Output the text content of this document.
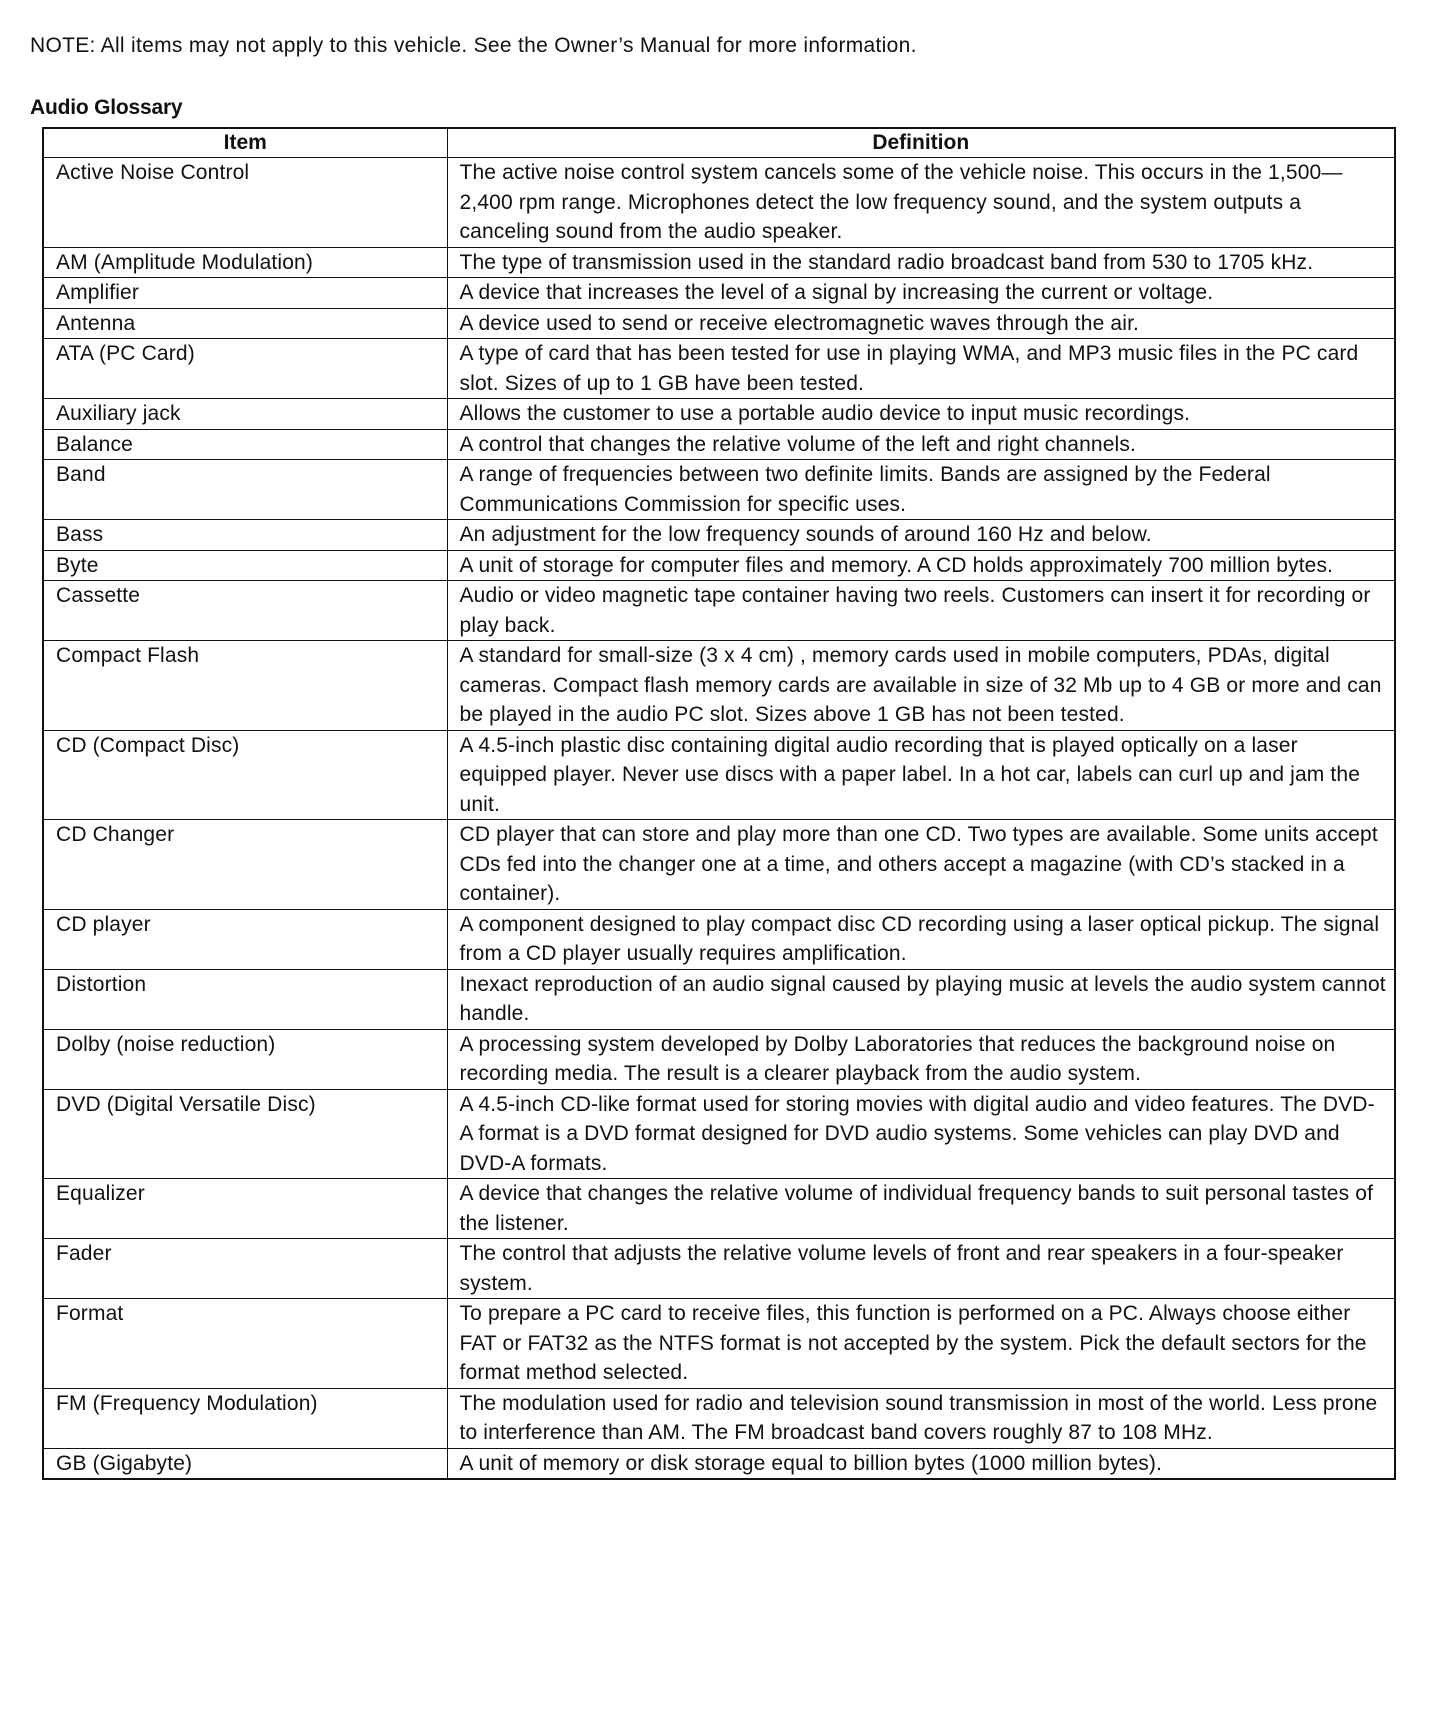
NOTE: All items may not apply to this vehicle. See the Owner’s Manual for more information.
Audio Glossary
Item	Definition
Active Noise Control	The active noise control system cancels some of the vehicle noise. This occurs in the 1,500—2,400 rpm range. Microphones detect the low frequency sound, and the system outputs a canceling sound from the audio speaker.
AM (Amplitude Modulation)	The type of transmission used in the standard radio broadcast band from 530 to 1705 kHz.
Amplifier	A device that increases the level of a signal by increasing the current or voltage.
Antenna	A device used to send or receive electromagnetic waves through the air.
ATA (PC Card)	A type of card that has been tested for use in playing WMA, and MP3 music files in the PC card slot. Sizes of up to 1 GB have been tested.
Auxiliary jack	Allows the customer to use a portable audio device to input music recordings.
Balance	A control that changes the relative volume of the left and right channels.
Band	A range of frequencies between two definite limits. Bands are assigned by the Federal Communications Commission for specific uses.
Bass	An adjustment for the low frequency sounds of around 160 Hz and below.
Byte	A unit of storage for computer files and memory. A CD holds approximately 700 million bytes.
Cassette	Audio or video magnetic tape container having two reels. Customers can insert it for recording or play back.
Compact Flash	A standard for small-size (3 x 4 cm) , memory cards used in mobile computers, PDAs, digital cameras. Compact flash memory cards are available in size of 32 Mb up to 4 GB or more and can be played in the audio PC slot. Sizes above 1 GB has not been tested.
CD (Compact Disc)	A 4.5-inch plastic disc containing digital audio recording that is played optically on a laser equipped player. Never use discs with a paper label. In a hot car, labels can curl up and jam the unit.
CD Changer	CD player that can store and play more than one CD. Two types are available. Some units accept CDs fed into the changer one at a time, and others accept a magazine (with CD’s stacked in a container).
CD player	A component designed to play compact disc CD recording using a laser optical pickup. The signal from a CD player usually requires amplification.
Distortion	Inexact reproduction of an audio signal caused by playing music at levels the audio system cannot handle.
Dolby (noise reduction)	A processing system developed by Dolby Laboratories that reduces the background noise on recording media. The result is a clearer playback from the audio system.
DVD (Digital Versatile Disc)	A 4.5-inch CD-like format used for storing movies with digital audio and video features. The DVD-A format is a DVD format designed for DVD audio systems. Some vehicles can play DVD and DVD-A formats.
Equalizer	A device that changes the relative volume of individual frequency bands to suit personal tastes of the listener.
Fader	The control that adjusts the relative volume levels of front and rear speakers in a four-speaker system.
Format	To prepare a PC card to receive files, this function is performed on a PC. Always choose either FAT or FAT32 as the NTFS format is not accepted by the system. Pick the default sectors for the format method selected.
FM (Frequency Modulation)	The modulation used for radio and television sound transmission in most of the world. Less prone to interference than AM. The FM broadcast band covers roughly 87 to 108 MHz.
GB (Gigabyte)	A unit of memory or disk storage equal to billion bytes (1000 million bytes).
